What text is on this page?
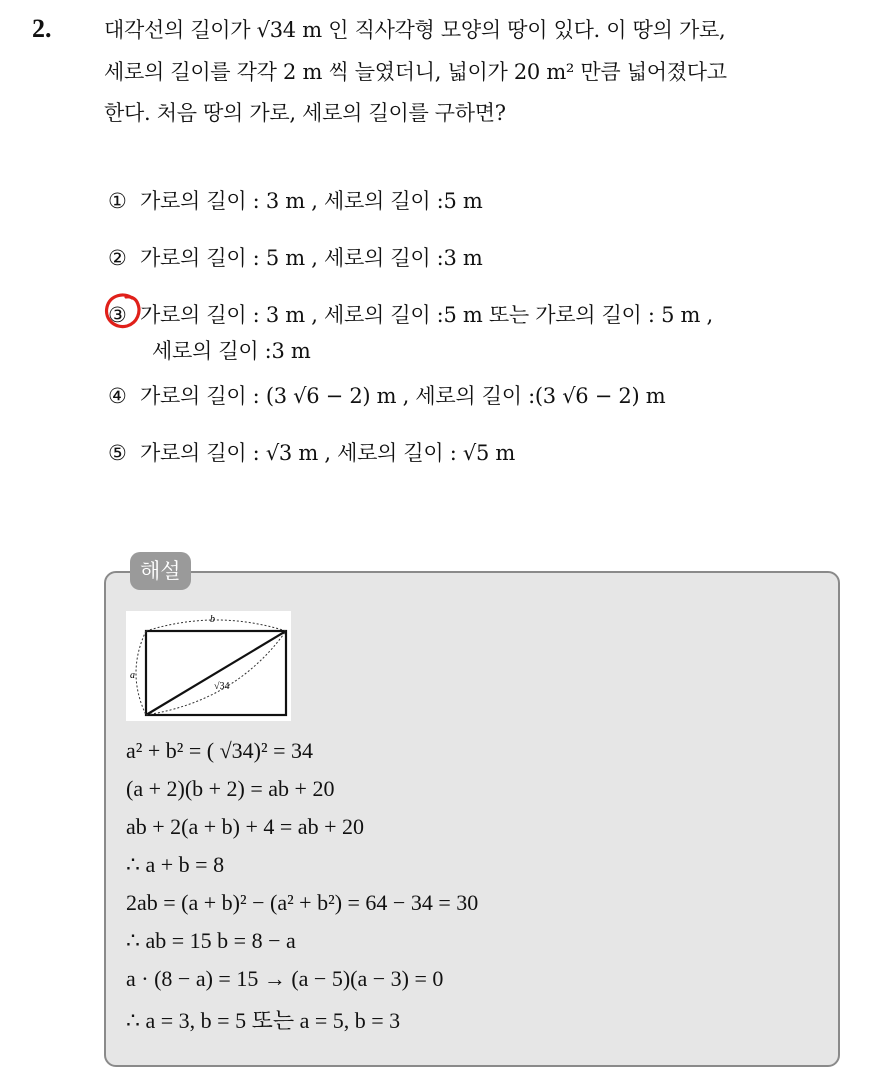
2.	대각선의 길이가 √34 m 인 직사각형 모양의 땅이 있다. 이 땅의 가로,
세로의 길이를 각각 2 m 씩 늘였더니, 넓이가 20 m² 만큼 넓어졌다고
한다. 처음 땅의 가로, 세로의 길이를 구하면?
① 가로의 길이 : 3 m , 세로의 길이 :5 m
② 가로의 길이 : 5 m , 세로의 길이 :3 m
③ 가로의 길이 : 3 m , 세로의 길이 :5 m 또는 가로의 길이 : 5 m ,
세로의 길이 :3 m
④ 가로의 길이 : (3 √6 − 2) m , 세로의 길이 :(3 √6 − 2) m
⑤ 가로의 길이 : √3 m , 세로의 길이 : √5 m
해설
b
a
√34
a² + b² = ( √34)² = 34
(a + 2)(b + 2) = ab + 20
ab + 2(a + b) + 4 = ab + 20
∴ a + b = 8
2ab = (a + b)² − (a² + b²) = 64 − 34 = 30
∴ ab = 15 b = 8 − a
a · (8 − a) = 15 → (a − 5)(a − 3) = 0
∴ a = 3, b = 5 또는 a = 5, b = 3
